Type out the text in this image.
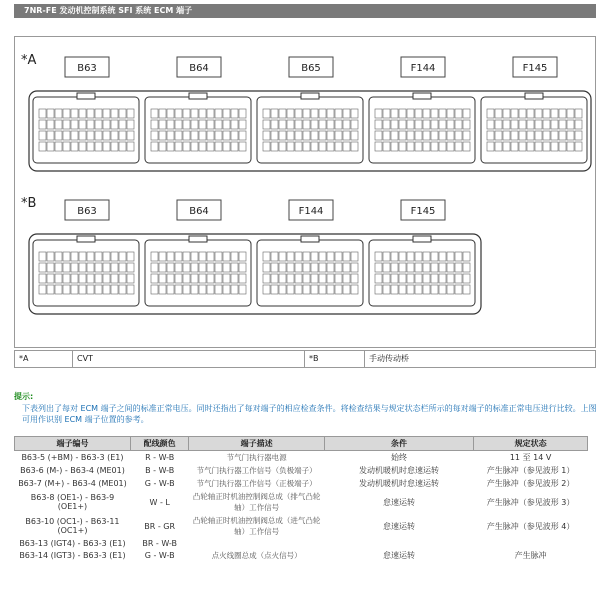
7NR-FE 发动机控制系统 SFI 系统 ECM 端子
*A
*B
B63	B64	B65	F144	F145
B63	B64	F144	F145
*A	CVT	*B	手动传动桥
提示:
下表列出了每对 ECM 端子之间的标准正常电压。同时还指出了每对端子的相应检查条件。将检查结果与规定状态栏所示的每对端子的标准正常电压进行比较。上图可用作识别 ECM 端子位置的参考。
端子编号	配线颜色	端子描述	条件	规定状态
B63-5 (+BM) - B63-3 (E1)	R - W-B	节气门执行器电源	始终	11 至 14 V
B63-6 (M-) - B63-4 (ME01)	B - W-B	节气门执行器工作信号（负极端子）	发动机暖机时怠速运转	产生脉冲（参见波形 1）
B63-7 (M+) - B63-4 (ME01)	G - W-B	节气门执行器工作信号（正极端子）	发动机暖机时怠速运转	产生脉冲（参见波形 2）
B63-8 (OE1-) - B63-9 (OE1+)	W - L	凸轮轴正时机油控制阀总成（排气凸轮轴）工作信号	怠速运转	产生脉冲（参见波形 3）
B63-10 (OC1-) - B63-11 (OC1+)	BR - GR	凸轮轴正时机油控制阀总成（进气凸轮轴）工作信号	怠速运转	产生脉冲（参见波形 4）
B63-13 (IGT4) - B63-3 (E1)	BR - W-B			
B63-14 (IGT3) - B63-3 (E1)	G - W-B	点火线圈总成（点火信号）	怠速运转	产生脉冲
